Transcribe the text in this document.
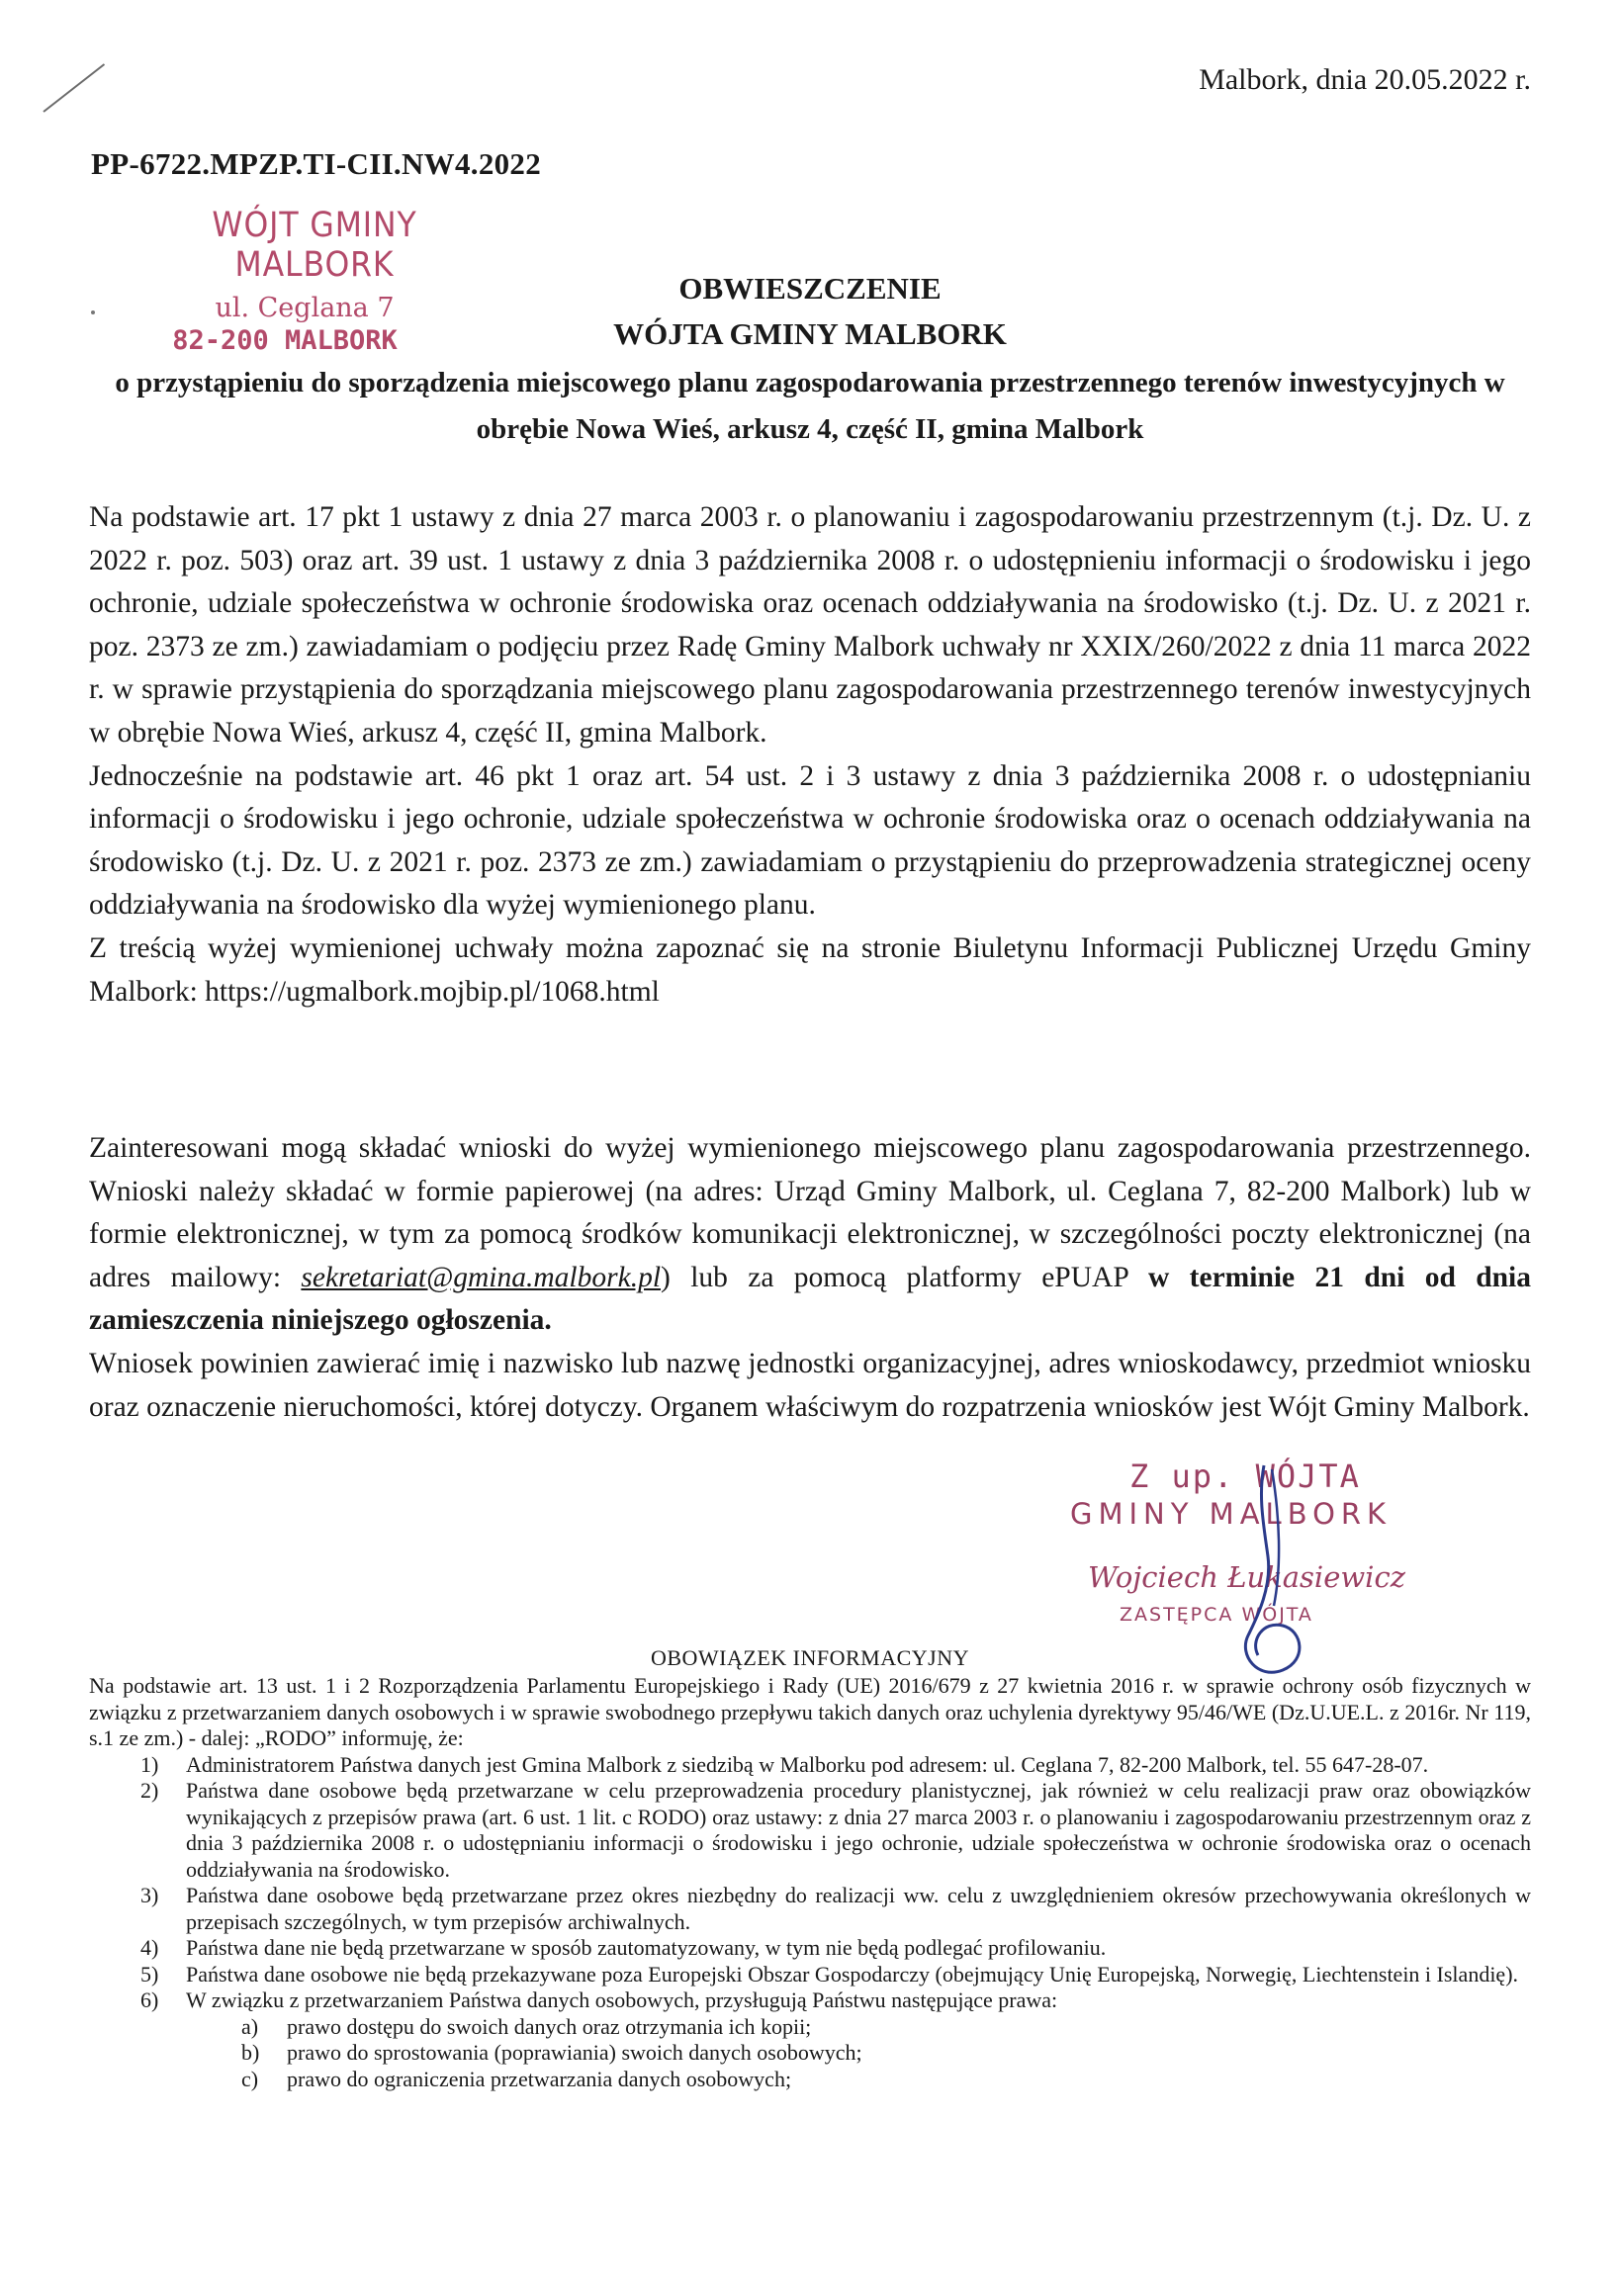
Malbork, dnia 20.05.2022 r.
PP-6722.MPZP.TI-CII.NW4.2022
WÓJT GMINY MALBORK
ul. Ceglana 7
82-200 MALBORK
OBWIESZCZENIE
WÓJTA GMINY MALBORK
o przystąpieniu do sporządzenia miejscowego planu zagospodarowania przestrzennego terenów inwestycyjnych w obrębie Nowa Wieś, arkusz 4, część II, gmina Malbork
Na podstawie art. 17 pkt 1 ustawy z dnia 27 marca 2003 r. o planowaniu i zagospodarowaniu przestrzennym (t.j. Dz. U. z 2022 r. poz. 503) oraz art. 39 ust. 1 ustawy z dnia 3 października 2008 r. o udostępnieniu informacji o środowisku i jego ochronie, udziale społeczeństwa w ochronie środowiska oraz ocenach oddziaływania na środowisko (t.j. Dz. U. z 2021 r. poz. 2373 ze zm.) zawiadamiam o podjęciu przez Radę Gminy Malbork uchwały nr XXIX/260/2022 z dnia 11 marca 2022 r. w sprawie przystąpienia do sporządzania miejscowego planu zagospodarowania przestrzennego terenów inwestycyjnych w obrębie Nowa Wieś, arkusz 4, część II, gmina Malbork.
Jednocześnie na podstawie art. 46 pkt 1 oraz art. 54 ust. 2 i 3 ustawy z dnia 3 października 2008 r. o udostępnianiu informacji o środowisku i jego ochronie, udziale społeczeństwa w ochronie środowiska oraz o ocenach oddziaływania na środowisko (t.j. Dz. U. z 2021 r. poz. 2373 ze zm.) zawiadamiam o przystąpieniu do przeprowadzenia strategicznej oceny oddziaływania na środowisko dla wyżej wymienionego planu.
Z treścią wyżej wymienionej uchwały można zapoznać się na stronie Biuletynu Informacji Publicznej Urzędu Gminy Malbork: https://ugmalbork.mojbip.pl/1068.html
Zainteresowani mogą składać wnioski do wyżej wymienionego miejscowego planu zagospodarowania przestrzennego. Wnioski należy składać w formie papierowej (na adres: Urząd Gminy Malbork, ul. Ceglana 7, 82-200 Malbork) lub w formie elektronicznej, w tym za pomocą środków komunikacji elektronicznej, w szczególności poczty elektronicznej (na adres mailowy: sekretariat@gmina.malbork.pl) lub za pomocą platformy ePUAP w terminie 21 dni od dnia zamieszczenia niniejszego ogłoszenia.
Wniosek powinien zawierać imię i nazwisko lub nazwę jednostki organizacyjnej, adres wnioskodawcy, przedmiot wniosku oraz oznaczenie nieruchomości, której dotyczy. Organem właściwym do rozpatrzenia wniosków jest Wójt Gminy Malbork.
Z up. WÓJTA
GMINY MALBORK
Wojciech Łukasiewicz
ZASTĘPCA WÓJTA
OBOWIĄZEK INFORMACYJNY
Na podstawie art. 13 ust. 1 i 2 Rozporządzenia Parlamentu Europejskiego i Rady (UE) 2016/679 z 27 kwietnia 2016 r. w sprawie ochrony osób fizycznych w związku z przetwarzaniem danych osobowych i w sprawie swobodnego przepływu takich danych oraz uchylenia dyrektywy 95/46/WE (Dz.U.UE.L. z 2016r. Nr 119, s.1 ze zm.) - dalej: „RODO” informuję, że:
1) Administratorem Państwa danych jest Gmina Malbork z siedzibą w Malborku pod adresem: ul. Ceglana 7, 82-200 Malbork, tel. 55 647-28-07.
2) Państwa dane osobowe będą przetwarzane w celu przeprowadzenia procedury planistycznej, jak również w celu realizacji praw oraz obowiązków wynikających z przepisów prawa (art. 6 ust. 1 lit. c RODO) oraz ustawy: z dnia 27 marca 2003 r. o planowaniu i zagospodarowaniu przestrzennym oraz z dnia 3 października 2008 r. o udostępnianiu informacji o środowisku i jego ochronie, udziale społeczeństwa w ochronie środowiska oraz o ocenach oddziaływania na środowisko.
3) Państwa dane osobowe będą przetwarzane przez okres niezbędny do realizacji ww. celu z uwzględnieniem okresów przechowywania określonych w przepisach szczególnych, w tym przepisów archiwalnych.
4) Państwa dane nie będą przetwarzane w sposób zautomatyzowany, w tym nie będą podlegać profilowaniu.
5) Państwa dane osobowe nie będą przekazywane poza Europejski Obszar Gospodarczy (obejmujący Unię Europejską, Norwegię, Liechtenstein i Islandię).
6) W związku z przetwarzaniem Państwa danych osobowych, przysługują Państwu następujące prawa:
a) prawo dostępu do swoich danych oraz otrzymania ich kopii;
b) prawo do sprostowania (poprawiania) swoich danych osobowych;
c) prawo do ograniczenia przetwarzania danych osobowych;
